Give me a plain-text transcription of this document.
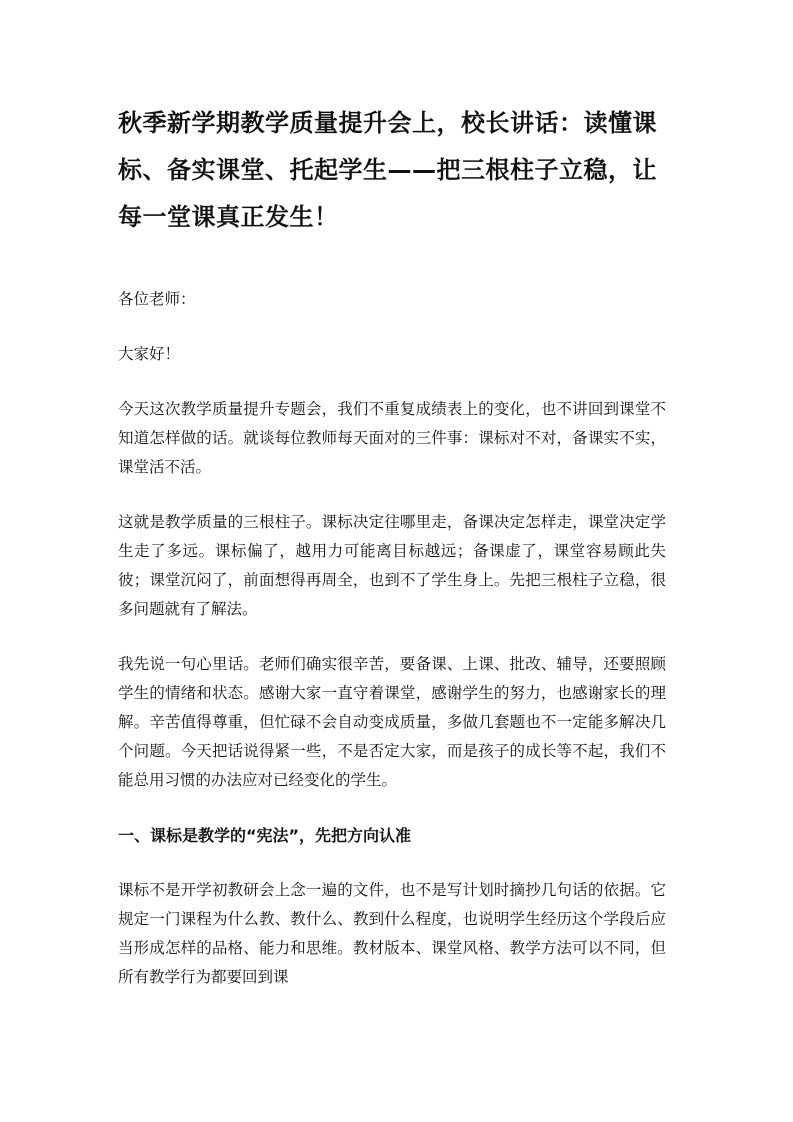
秋季新学期教学质量提升会上，校长讲话：读懂课标、备实课堂、托起学生——把三根柱子立稳，让每一堂课真正发生！

各位老师：

大家好！

今天这次教学质量提升专题会，我们不重复成绩表上的变化，也不讲回到课堂不知道怎样做的话。就谈每位教师每天面对的三件事：课标对不对，备课实不实，课堂活不活。

这就是教学质量的三根柱子。课标决定往哪里走，备课决定怎样走，课堂决定学生走了多远。课标偏了，越用力可能离目标越远；备课虚了，课堂容易顾此失彼；课堂沉闷了，前面想得再周全，也到不了学生身上。先把三根柱子立稳，很多问题就有了解法。

我先说一句心里话。老师们确实很辛苦，要备课、上课、批改、辅导，还要照顾学生的情绪和状态。感谢大家一直守着课堂，感谢学生的努力，也感谢家长的理解。辛苦值得尊重，但忙碌不会自动变成质量，多做几套题也不一定能多解决几个问题。今天把话说得紧一些，不是否定大家，而是孩子的成长等不起，我们不能总用习惯的办法应对已经变化的学生。

一、课标是教学的“宪法”，先把方向认准

课标不是开学初教研会上念一遍的文件，也不是写计划时摘抄几句话的依据。它规定一门课程为什么教、教什么、教到什么程度，也说明学生经历这个学段后应当形成怎样的品格、能力和思维。教材版本、课堂风格、教学方法可以不同，但所有教学行为都要回到课
